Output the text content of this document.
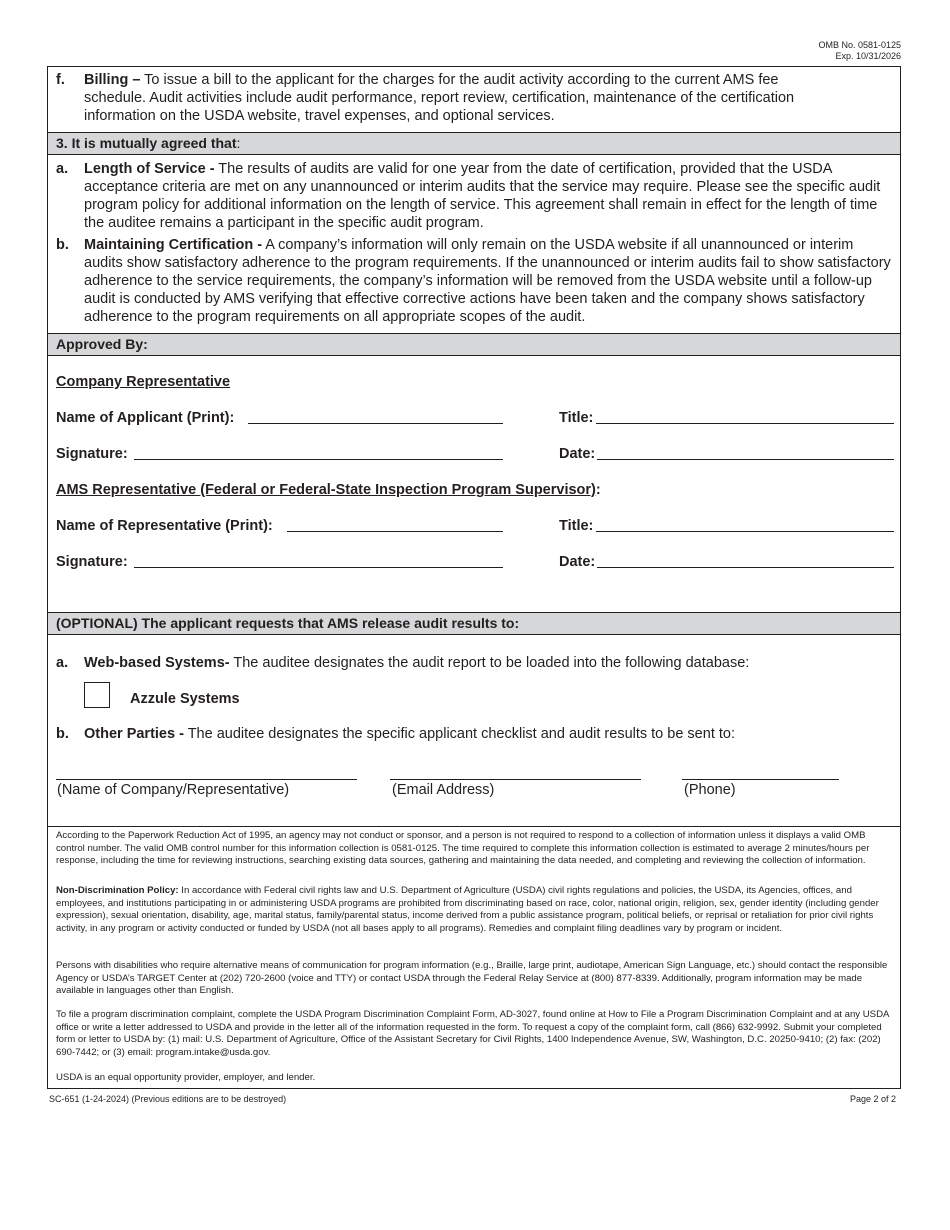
OMB No. 0581-0125
Exp. 10/31/2026
f. Billing – To issue a bill to the applicant for the charges for the audit activity according to the current AMS fee schedule. Audit activities include audit performance, report review, certification, maintenance of the certification information on the USDA website, travel expenses, and optional services.
3. It is mutually agreed that:
a. Length of Service - The results of audits are valid for one year from the date of certification, provided that the USDA acceptance criteria are met on any unannounced or interim audits that the service may require. Please see the specific audit program policy for additional information on the length of service. This agreement shall remain in effect for the length of time the auditee remains a participant in the specific audit program.
b. Maintaining Certification - A company’s information will only remain on the USDA website if all unannounced or interim audits show satisfactory adherence to the program requirements. If the unannounced or interim audits fail to show satisfactory adherence to the service requirements, the company’s information will be removed from the USDA website until a follow-up audit is conducted by AMS verifying that effective corrective actions have been taken and the company shows satisfactory adherence to the program requirements on all appropriate scopes of the audit.
Approved By:
Company Representative
Name of Applicant (Print):	Title:
Signature:	Date:
AMS Representative (Federal or Federal-State Inspection Program Supervisor):
Name of Representative (Print):	Title:
Signature:	Date:
(OPTIONAL) The applicant requests that AMS release audit results to:
a. Web-based Systems- The auditee designates the audit report to be loaded into the following database:
Azzule Systems
b. Other Parties - The auditee designates the specific applicant checklist and audit results to be sent to:
(Name of Company/Representative)	(Email Address)	(Phone)
According to the Paperwork Reduction Act of 1995, an agency may not conduct or sponsor, and a person is not required to respond to a collection of information unless it displays a valid OMB control number. The valid OMB control number for this information collection is 0581-0125. The time required to complete this information collection is estimated to average 2 minutes/hours per response, including the time for reviewing instructions, searching existing data sources, gathering and maintaining the data needed, and completing and reviewing the collection of information.
Non-Discrimination Policy: In accordance with Federal civil rights law and U.S. Department of Agriculture (USDA) civil rights regulations and policies, the USDA, its Agencies, offices, and employees, and institutions participating in or administering USDA programs are prohibited from discriminating based on race, color, national origin, religion, sex, gender identity (including gender expression), sexual orientation, disability, age, marital status, family/parental status, income derived from a public assistance program, political beliefs, or reprisal or retaliation for prior civil rights activity, in any program or activity conducted or funded by USDA (not all bases apply to all programs). Remedies and complaint filing deadlines vary by program or incident.
Persons with disabilities who require alternative means of communication for program information (e.g., Braille, large print, audiotape, American Sign Language, etc.) should contact the responsible Agency or USDA’s TARGET Center at (202) 720-2600 (voice and TTY) or contact USDA through the Federal Relay Service at (800) 877-8339. Additionally, program information may be made available in languages other than English.
To file a program discrimination complaint, complete the USDA Program Discrimination Complaint Form, AD-3027, found online at How to File a Program Discrimination Complaint and at any USDA office or write a letter addressed to USDA and provide in the letter all of the information requested in the form. To request a copy of the complaint form, call (866) 632-9992. Submit your completed form or letter to USDA by: (1) mail: U.S. Department of Agriculture, Office of the Assistant Secretary for Civil Rights, 1400 Independence Avenue, SW, Washington, D.C. 20250-9410; (2) fax: (202) 690-7442; or (3) email: program.intake@usda.gov.
USDA is an equal opportunity provider, employer, and lender.
SC-651 (1-24-2024) (Previous editions are to be destroyed)	Page 2 of 2
